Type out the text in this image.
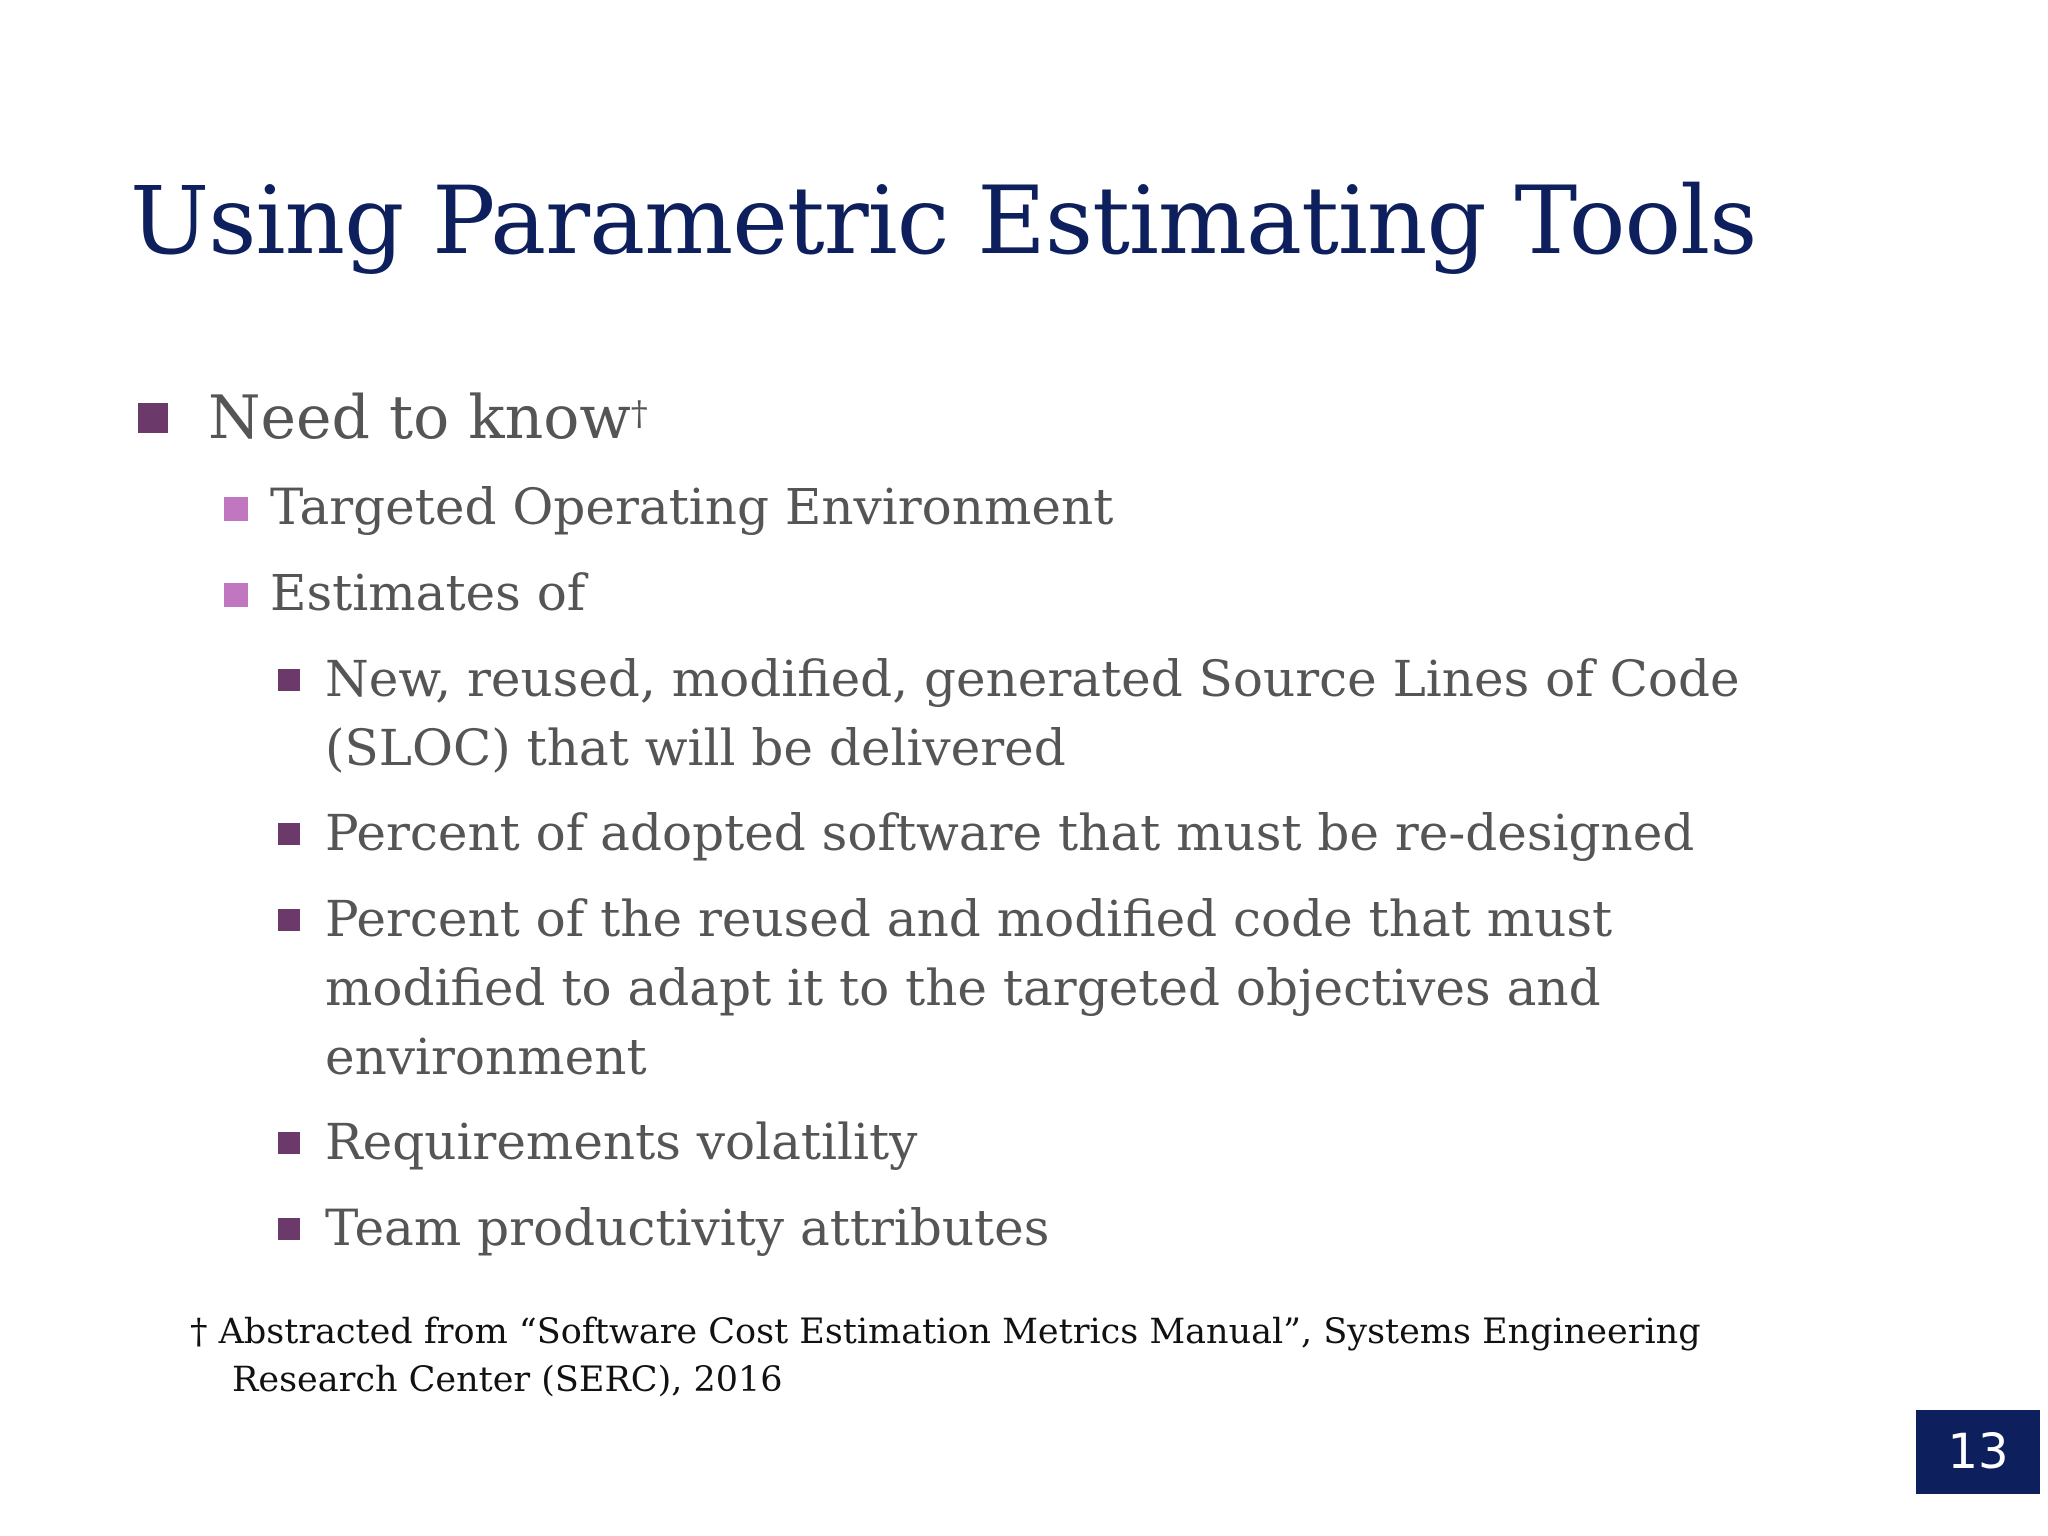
Using Parametric Estimating Tools
Need to know†
Targeted Operating Environment
Estimates of
New, reused, modified, generated Source Lines of Code
(SLOC) that will be delivered
Percent of adopted software that must be re-designed
Percent of the reused and modified code that must
modified to adapt it to the targeted objectives and
environment
Requirements volatility
Team productivity attributes
† Abstracted from “Software Cost Estimation Metrics Manual”, Systems Engineering
Research Center (SERC), 2016
13
